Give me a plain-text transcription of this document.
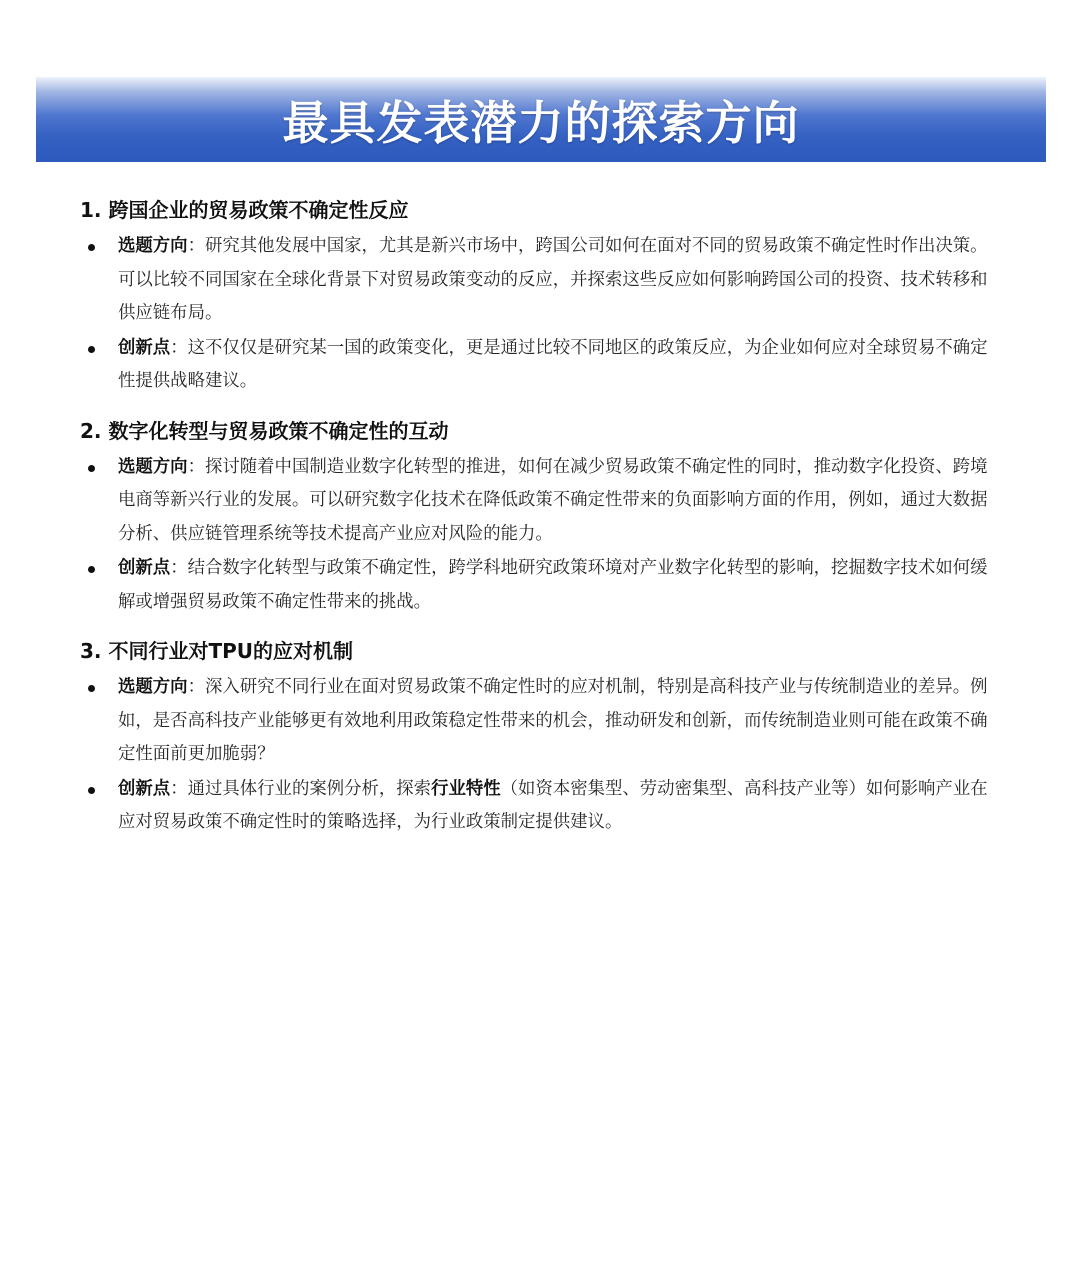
最具发表潜力的探索方向
1. 跨国企业的贸易政策不确定性反应
选题方向：研究其他发展中国家，尤其是新兴市场中，跨国公司如何在面对不同的贸易政策不确定性时作出决策。可以比较不同国家在全球化背景下对贸易政策变动的反应，并探索这些反应如何影响跨国公司的投资、技术转移和供应链布局。
创新点：这不仅仅是研究某一国的政策变化，更是通过比较不同地区的政策反应，为企业如何应对全球贸易不确定性提供战略建议。
2. 数字化转型与贸易政策不确定性的互动
选题方向：探讨随着中国制造业数字化转型的推进，如何在减少贸易政策不确定性的同时，推动数字化投资、跨境电商等新兴行业的发展。可以研究数字化技术在降低政策不确定性带来的负面影响方面的作用，例如，通过大数据分析、供应链管理系统等技术提高产业应对风险的能力。
创新点：结合数字化转型与政策不确定性，跨学科地研究政策环境对产业数字化转型的影响，挖掘数字技术如何缓解或增强贸易政策不确定性带来的挑战。
3. 不同行业对TPU的应对机制
选题方向：深入研究不同行业在面对贸易政策不确定性时的应对机制，特别是高科技产业与传统制造业的差异。例如，是否高科技产业能够更有效地利用政策稳定性带来的机会，推动研发和创新，而传统制造业则可能在政策不确定性面前更加脆弱？
创新点：通过具体行业的案例分析，探索行业特性（如资本密集型、劳动密集型、高科技产业等）如何影响产业在应对贸易政策不确定性时的策略选择，为行业政策制定提供建议。
